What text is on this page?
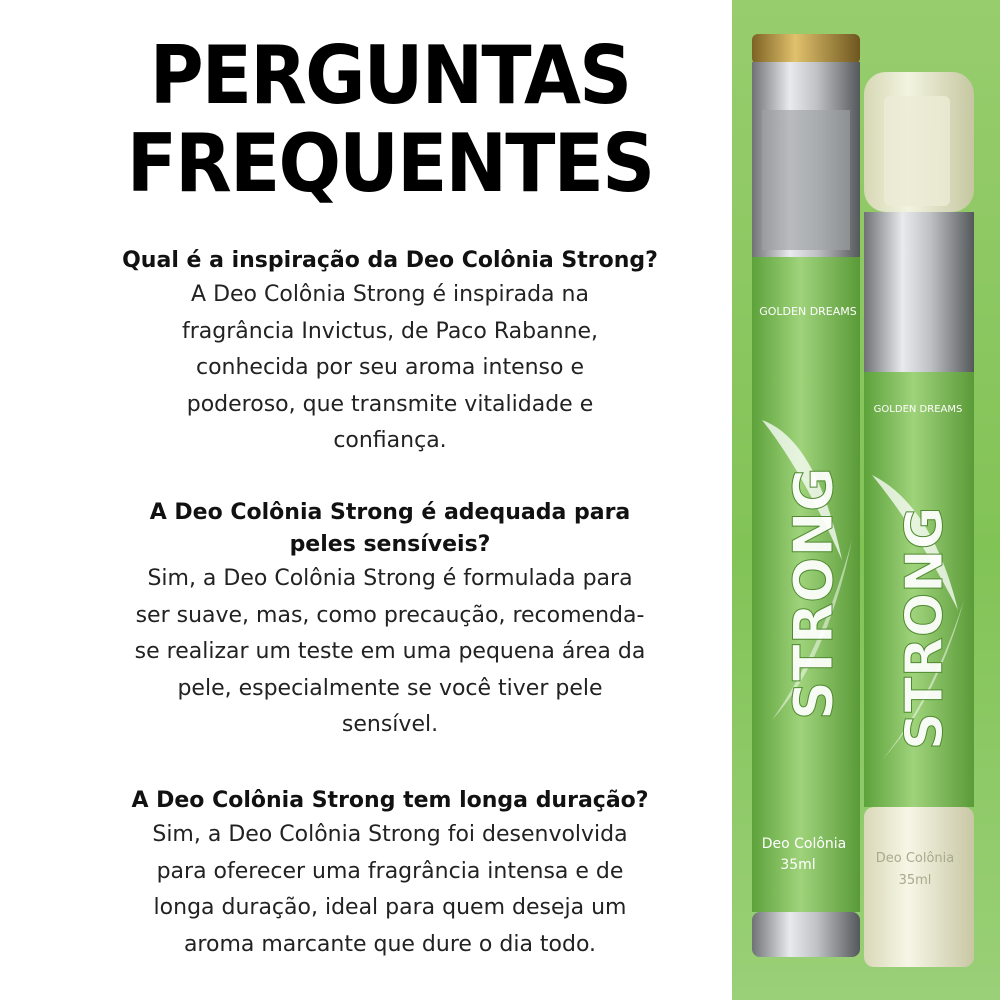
PERGUNTAS
FREQUENTES

Qual é a inspiração da Deo Colônia Strong?

A Deo Colônia Strong é inspirada na

fragrância Invictus, de Paco Rabanne,

conhecida por seu aroma intenso e

poderoso, que transmite vitalidade e

confiança.

A Deo Colônia Strong é adequada para

peles sensíveis?

Sim, a Deo Colônia Strong é formulada para

ser suave, mas, como precaução, recomenda-

se realizar um teste em uma pequena área da

pele, especialmente se você tiver pele

sensível.

A Deo Colônia Strong tem longa duração?

Sim, a Deo Colônia Strong foi desenvolvida

para oferecer uma fragrância intensa e de

longa duração, ideal para quem deseja um

aroma marcante que dure o dia todo.

GOLDEN DREAMS
STRONG
Deo Colônia
35ml
GOLDEN DREAMS
STRONG
Deo Colônia
35ml
